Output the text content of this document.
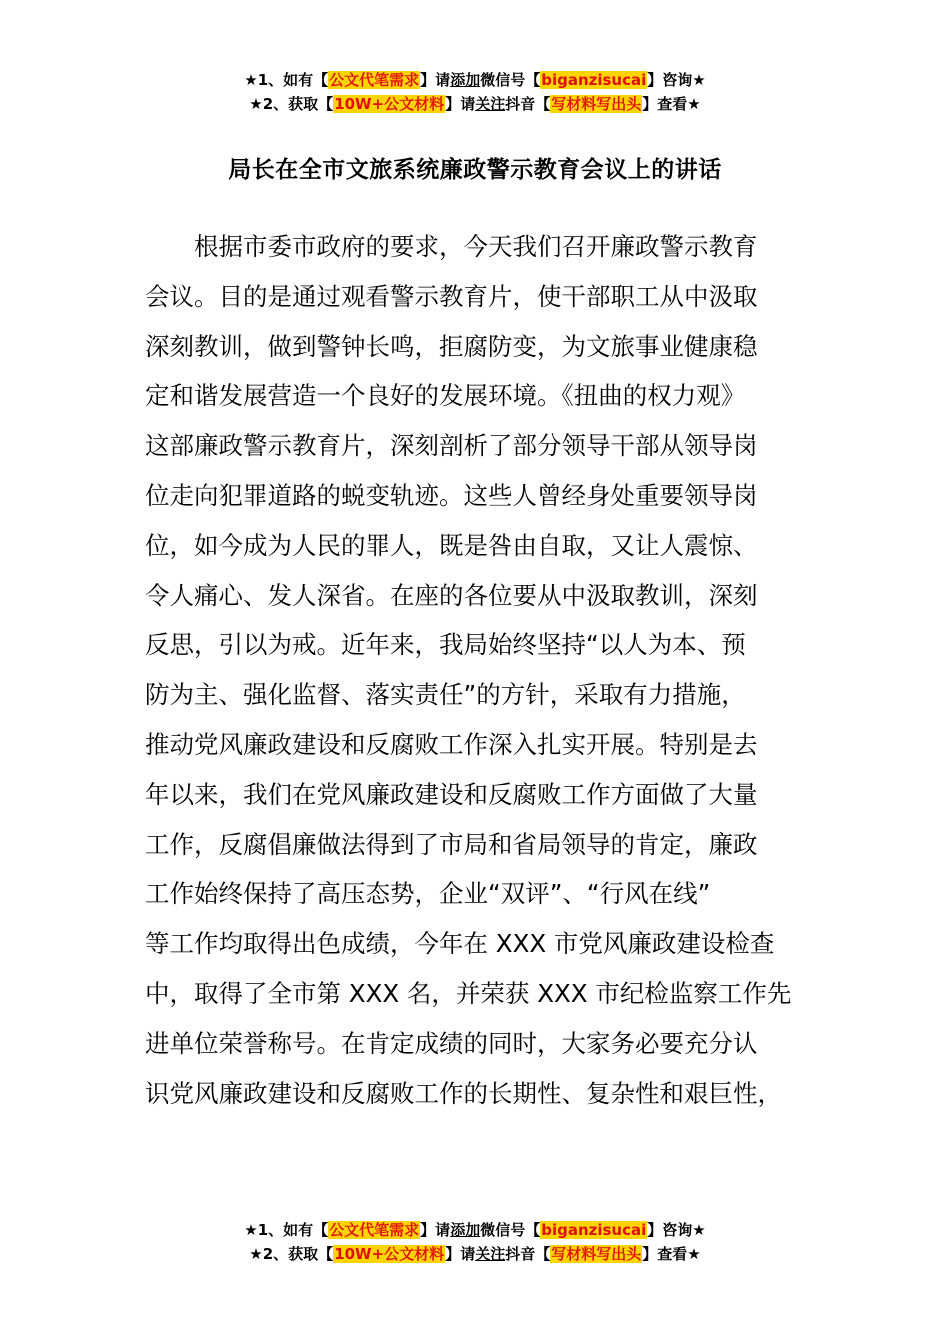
★1、如有【公文代笔需求】请添加微信号【biganzisucai】咨询★
★2、获取【10W+公文材料】请关注抖音【写材料写出头】查看★
局长在全市文旅系统廉政警示教育会议上的讲话
　　根据市委市政府的要求，今天我们召开廉政警示教育
会议。目的是通过观看警示教育片，使干部职工从中汲取
深刻教训，做到警钟长鸣，拒腐防变，为文旅事业健康稳
定和谐发展营造一个良好的发展环境。《扭曲的权力观》
这部廉政警示教育片，深刻剖析了部分领导干部从领导岗
位走向犯罪道路的蜕变轨迹。这些人曾经身处重要领导岗
位，如今成为人民的罪人，既是咎由自取，又让人震惊、
令人痛心、发人深省。在座的各位要从中汲取教训，深刻
反思，引以为戒。近年来，我局始终坚持“以人为本、预
防为主、强化监督、落实责任”的方针，采取有力措施，
推动党风廉政建设和反腐败工作深入扎实开展。特别是去
年以来，我们在党风廉政建设和反腐败工作方面做了大量
工作，反腐倡廉做法得到了市局和省局领导的肯定，廉政
工作始终保持了高压态势，企业“双评”、“行风在线”
等工作均取得出色成绩，今年在 XXX 市党风廉政建设检查
中，取得了全市第 XXX 名，并荣获 XXX 市纪检监察工作先
进单位荣誉称号。在肯定成绩的同时，大家务必要充分认
识党风廉政建设和反腐败工作的长期性、复杂性和艰巨性，
★1、如有【公文代笔需求】请添加微信号【biganzisucai】咨询★
★2、获取【10W+公文材料】请关注抖音【写材料写出头】查看★
